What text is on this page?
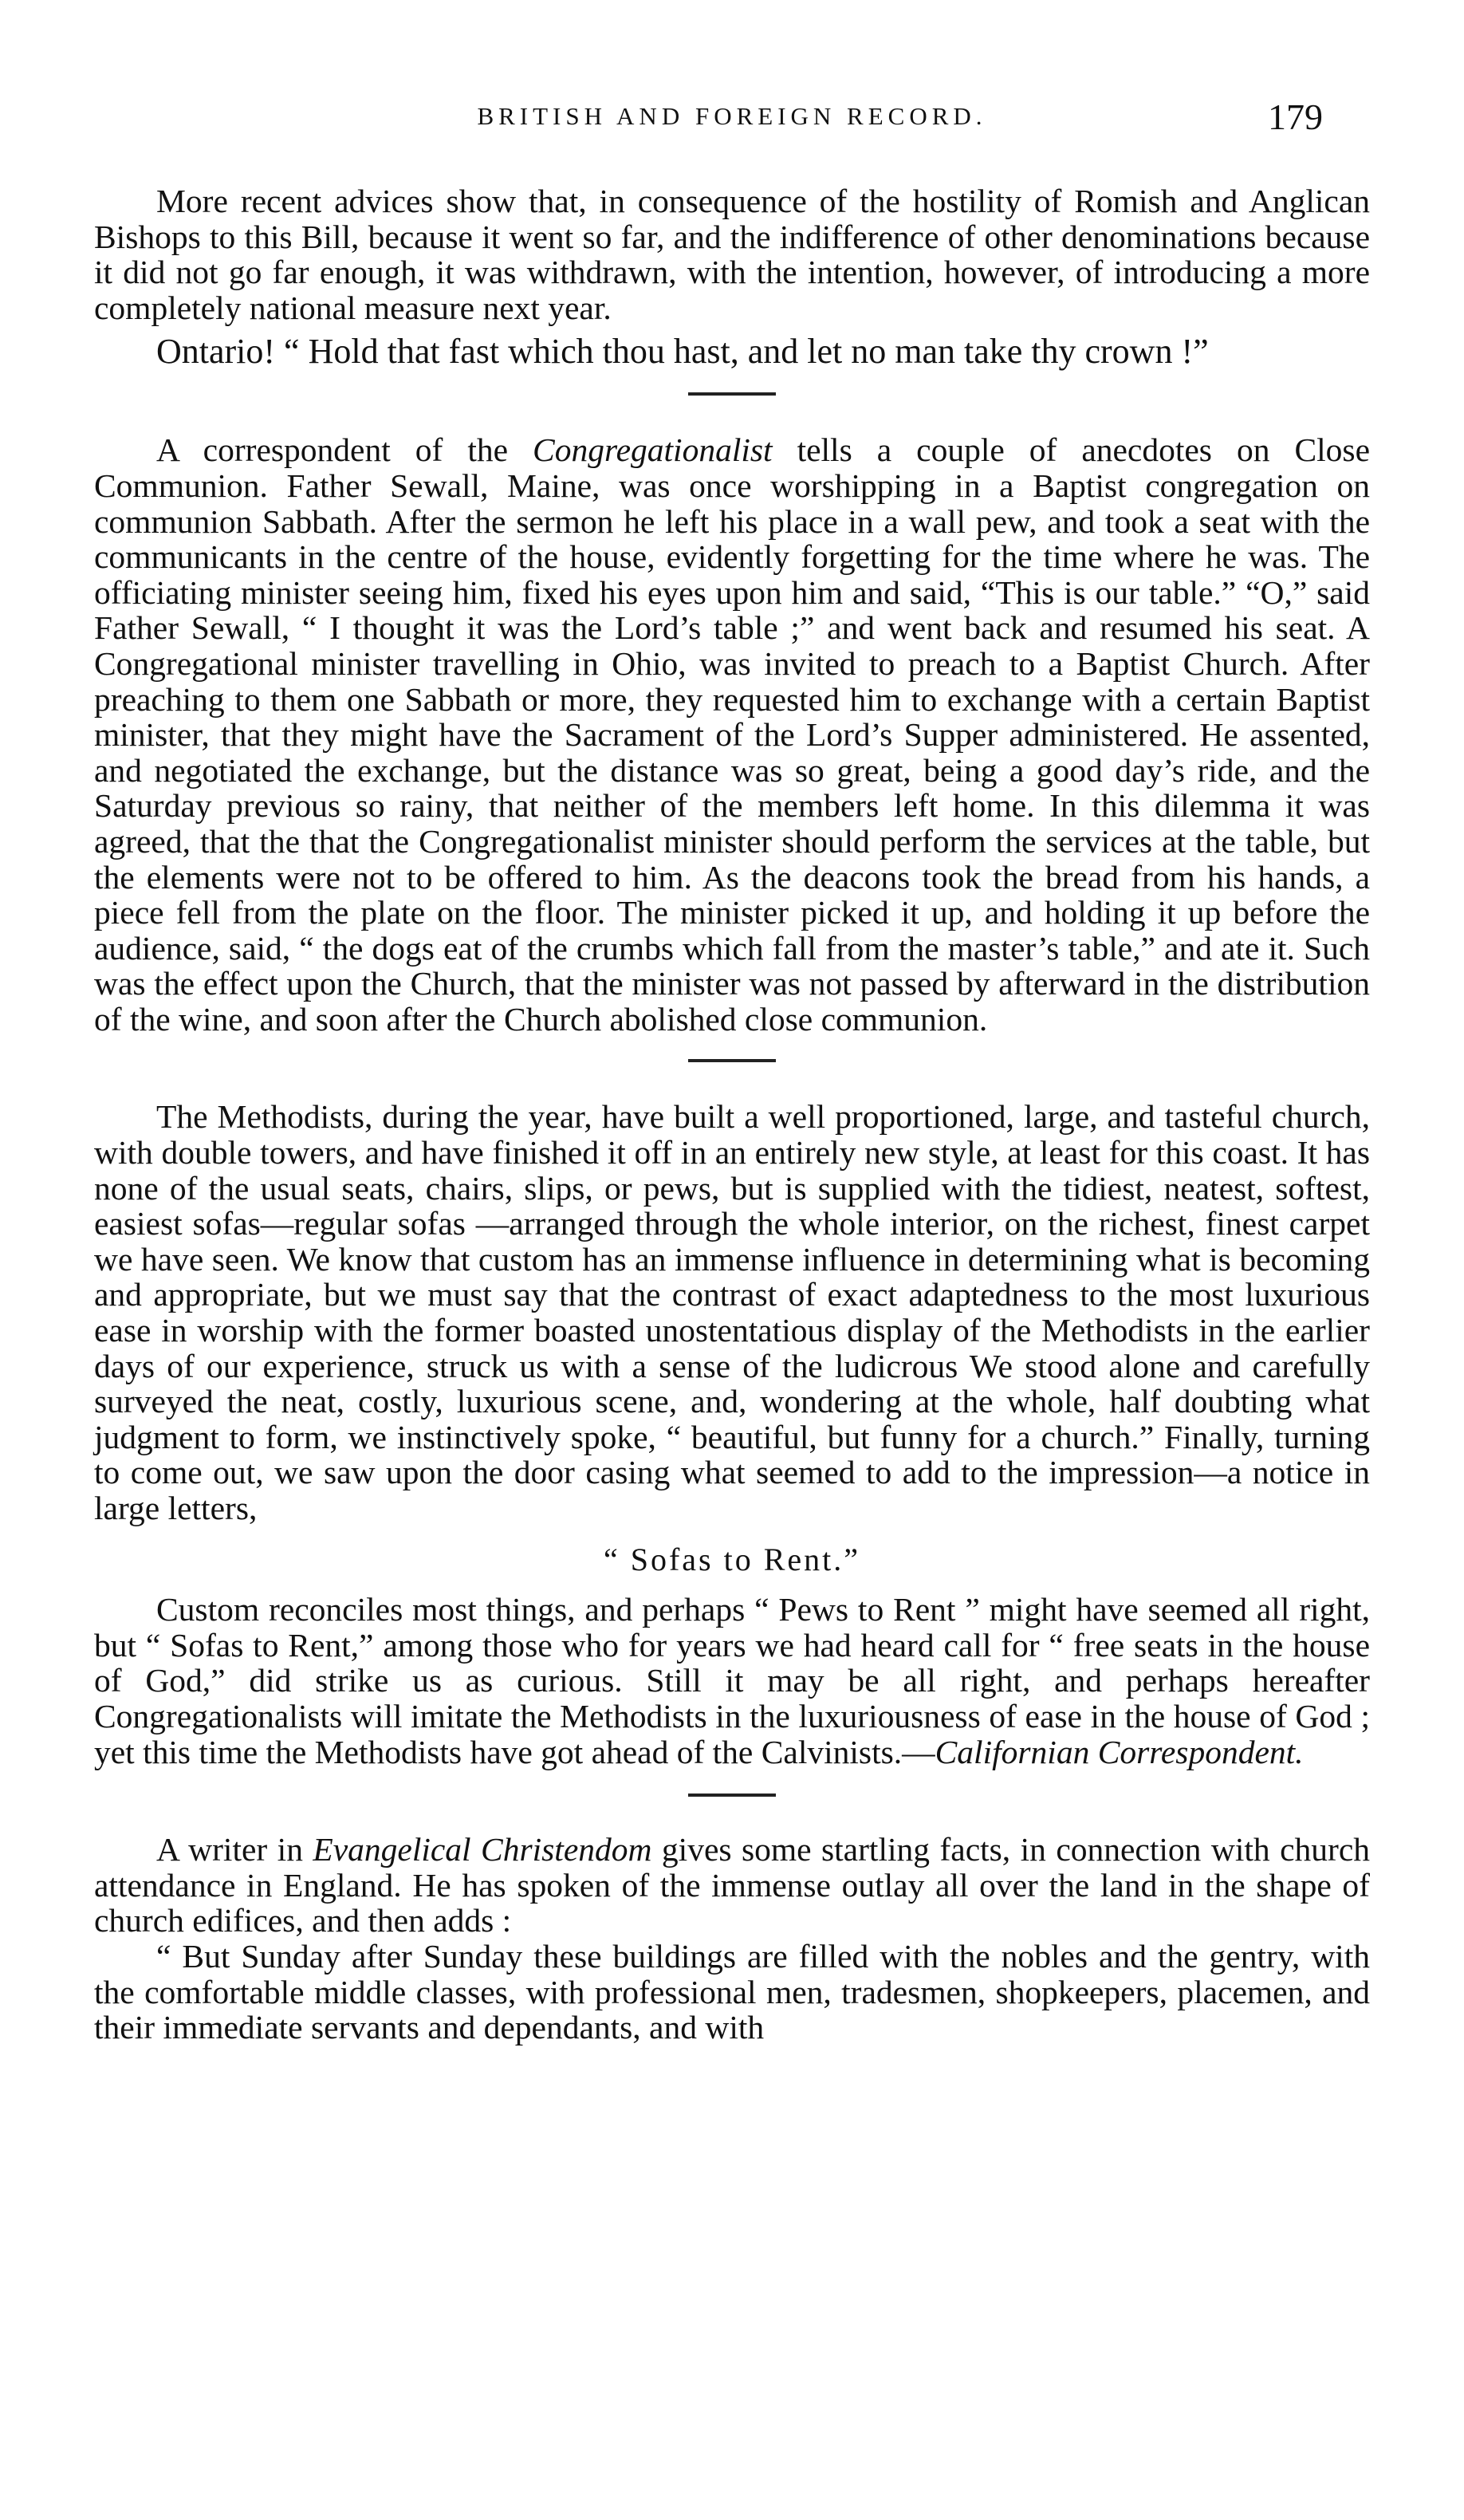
BRITISH AND FOREIGN RECORD.	179

More recent advices show that, in consequence of the hostility of Romish and Anglican Bishops to this Bill, because it went so far, and the indifference of other denominations because it did not go far enough, it was withdrawn, with the intention, however, of introducing a more completely national measure next year.

Ontario! “ Hold that fast which thou hast, and let no man take thy crown !”

A correspondent of the Congregationalist tells a couple of anecdotes on Close Communion. Father Sewall, Maine, was once worshipping in a Baptist congregation on communion Sabbath. After the sermon he left his place in a wall pew, and took a seat with the communicants in the centre of the house, evidently forgetting for the time where he was. The officiating minister seeing him, fixed his eyes upon him and said, “This is our table.” “O,” said Father Sewall, “ I thought it was the Lord’s table ;” and went back and resumed his seat. A Congregational minister travelling in Ohio, was invited to preach to a Baptist Church. After preaching to them one Sabbath or more, they requested him to exchange with a certain Baptist minister, that they might have the Sacrament of the Lord’s Supper administered. He assented, and negotiated the exchange, but the distance was so great, being a good day’s ride, and the Saturday previous so rainy, that neither of the members left home. In this dilemma it was agreed, that the that the Congregationalist minister should perform the services at the table, but the elements were not to be offered to him. As the deacons took the bread from his hands, a piece fell from the plate on the floor. The minister picked it up, and holding it up before the audience, said, “ the dogs eat of the crumbs which fall from the master’s table,” and ate it. Such was the effect upon the Church, that the minister was not passed by afterward in the distribution of the wine, and soon after the Church abolished close communion.

The Methodists, during the year, have built a well proportioned, large, and tasteful church, with double towers, and have finished it off in an entirely new style, at least for this coast. It has none of the usual seats, chairs, slips, or pews, but is supplied with the tidiest, neatest, softest, easiest sofas—regular sofas —arranged through the whole interior, on the richest, finest carpet we have seen. We know that custom has an immense influence in determining what is becoming and appropriate, but we must say that the contrast of exact adaptedness to the most luxurious ease in worship with the former boasted unostentatious display of the Methodists in the earlier days of our experience, struck us with a sense of the ludicrous We stood alone and carefully surveyed the neat, costly, luxurious scene, and, wondering at the whole, half doubting what judgment to form, we instinctively spoke, “ beautiful, but funny for a church.” Finally, turning to come out, we saw upon the door casing what seemed to add to the impression—a notice in large letters,

“ Sofas to Rent.”

Custom reconciles most things, and perhaps “ Pews to Rent ” might have seemed all right, but “ Sofas to Rent,” among those who for years we had heard call for “ free seats in the house of God,” did strike us as curious. Still it may be all right, and perhaps hereafter Congregationalists will imitate the Methodists in the luxuriousness of ease in the house of God ; yet this time the Methodists have got ahead of the Calvinists.—Californian Correspondent.

A writer in Evangelical Christendom gives some startling facts, in connection with church attendance in England. He has spoken of the immense outlay all over the land in the shape of church edifices, and then adds :

“ But Sunday after Sunday these buildings are filled with the nobles and the gentry, with the comfortable middle classes, with professional men, tradesmen, shopkeepers, placemen, and their immediate servants and dependants, and with
